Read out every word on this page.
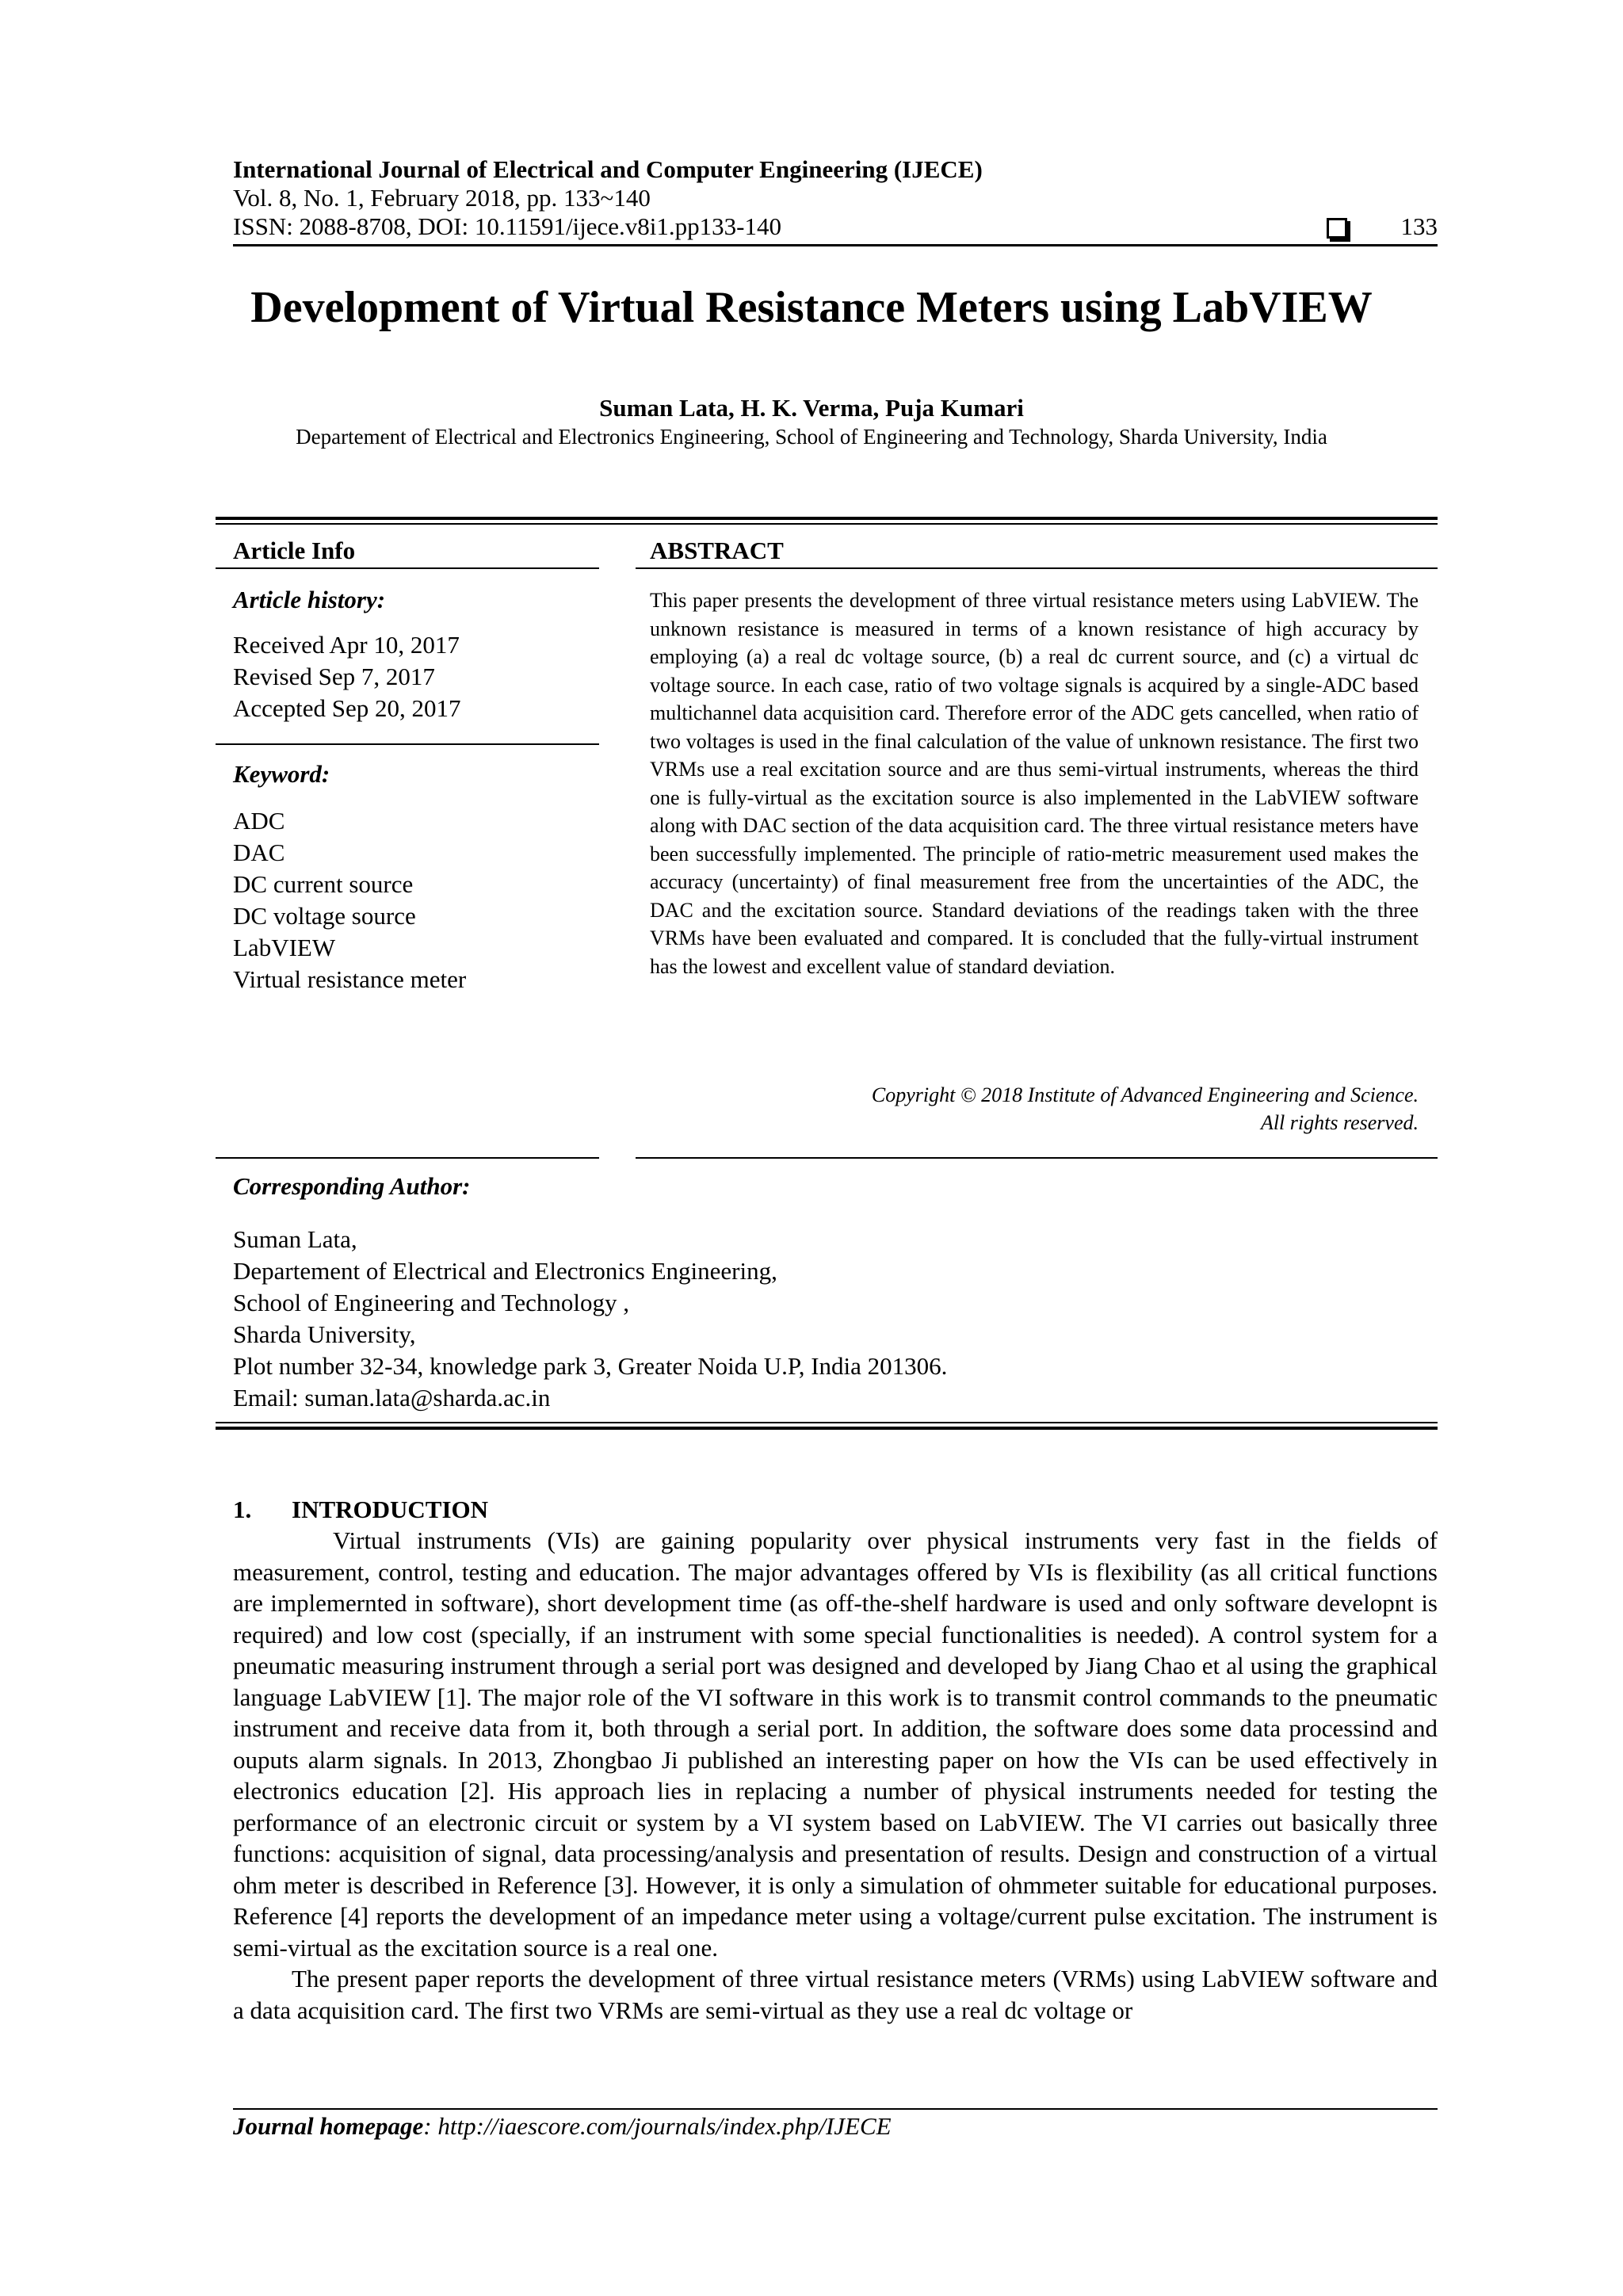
International Journal of Electrical and Computer Engineering (IJECE)
Vol. 8, No. 1, February 2018, pp. 133~140
ISSN: 2088-8708, DOI: 10.11591/ijece.v8i1.pp133-140	133
Development of Virtual Resistance Meters using LabVIEW
Suman Lata, H. K. Verma, Puja Kumari
Departement of Electrical and Electronics Engineering, School of Engineering and Technology, Sharda University, India
Article Info
Article history:
Received Apr 10, 2017
Revised Sep 7, 2017
Accepted Sep 20, 2017
Keyword:
ADC
DAC
DC current source
DC voltage source
LabVIEW
Virtual resistance meter
ABSTRACT
This paper presents the development of three virtual resistance meters using LabVIEW. The unknown resistance is measured in terms of a known resistance of high accuracy by employing (a) a real dc voltage source, (b) a real dc current source, and (c) a virtual dc voltage source. In each case, ratio of two voltage signals is acquired by a single-ADC based multichannel data acquisition card. Therefore error of the ADC gets cancelled, when ratio of two voltages is used in the final calculation of the value of unknown resistance. The first two VRMs use a real excitation source and are thus semi-virtual instruments, whereas the third one is fully-virtual as the excitation source is also implemented in the LabVIEW software along with DAC section of the data acquisition card. The three virtual resistance meters have been successfully implemented. The principle of ratio-metric measurement used makes the accuracy (uncertainty) of final measurement free from the uncertainties of the ADC, the DAC and the excitation source. Standard deviations of the readings taken with the three VRMs have been evaluated and compared. It is concluded that the fully-virtual instrument has the lowest and excellent value of standard deviation.
Copyright © 2018 Institute of Advanced Engineering and Science.
All rights reserved.
Corresponding Author:
Suman Lata,
Departement of Electrical and Electronics Engineering,
School of Engineering and Technology ,
Sharda University,
Plot number 32-34, knowledge park 3, Greater Noida U.P, India 201306.
Email: suman.lata@sharda.ac.in
1. INTRODUCTION

Virtual instruments (VIs) are gaining popularity over physical instruments very fast in the fields of measurement, control, testing and education. The major advantages offered by VIs is flexibility (as all critical functions are implemernted in software), short development time (as off-the-shelf hardware is used and only software developnt is required) and low cost (specially, if an instrument with some special functionalities is needed). A control system for a pneumatic measuring instrument through a serial port was designed and developed by Jiang Chao et al using the graphical language LabVIEW [1]. The major role of the VI software in this work is to transmit control commands to the pneumatic instrument and receive data from it, both through a serial port. In addition, the software does some data processind and ouputs alarm signals. In 2013, Zhongbao Ji published an interesting paper on how the VIs can be used effectively in electronics education [2]. His approach lies in replacing a number of physical instruments needed for testing the performance of an electronic circuit or system by a VI system based on LabVIEW. The VI carries out basically three functions: acquisition of signal, data processing/analysis and presentation of results. Design and construction of a virtual ohm meter is described in Reference [3]. However, it is only a simulation of ohmmeter suitable for educational purposes. Reference [4] reports the development of an impedance meter using a voltage/current pulse excitation. The instrument is semi-virtual as the excitation source is a real one.

The present paper reports the development of three virtual resistance meters (VRMs) using LabVIEW software and a data acquisition card. The first two VRMs are semi-virtual as they use a real dc voltage or

Journal homepage: http://iaescore.com/journals/index.php/IJECE
